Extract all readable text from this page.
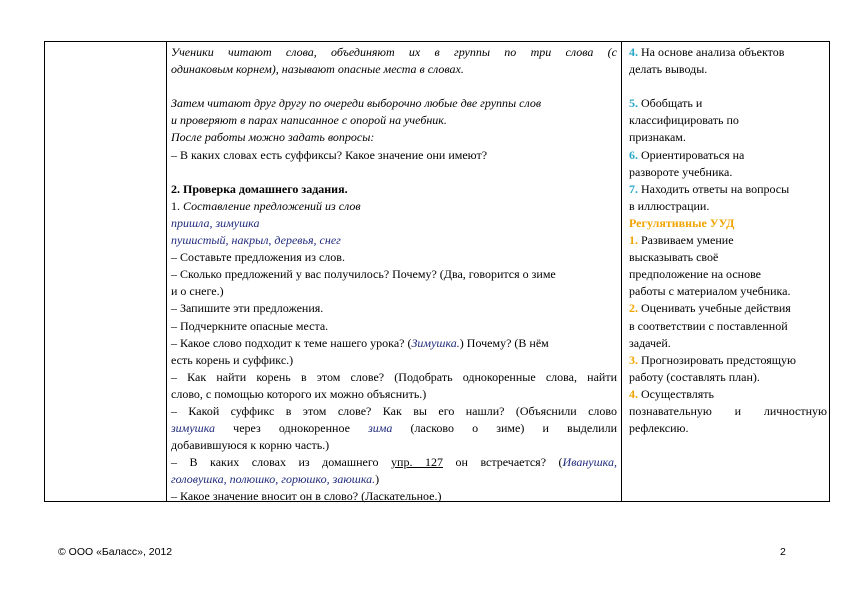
Ученики читают слова, объединяют их в группы по три слова (с
одинаковым корнем), называют опасные места в словах.
Затем читают друг другу по очереди выборочно любые две группы слов
и проверяют в парах написанное с опорой на учебник.
После работы можно задать вопросы:
– В каких словах есть суффиксы? Какое значение они имеют?
2. Проверка домашнего задания.
1. Составление предложений из слов
пришла, зимушка
пушистый, накрыл, деревья, снег
– Составьте предложения из слов.
– Сколько предложений у вас получилось? Почему? (Два, говорится о зиме
и о снеге.)
– Запишите эти предложения.
– Подчеркните опасные места.
– Какое слово подходит к теме нашего урока? (Зимушка.) Почему? (В нём
есть корень и суффикс.)
– Как найти корень в этом слове? (Подобрать однокоренные слова, найти
слово, с помощью которого их можно объяснить.)
– Какой суффикс в этом слове? Как вы его нашли? (Объяснили слово
зимушка через однокоренное зима (ласково о зиме) и выделили
добавившуюся к корню часть.)
– В каких словах из домашнего упр. 127 он встречается? (Иванушка,
головушка, полюшко, горюшко, заюшка.)
– Какое значение вносит он в слово? (Ласкательное.)
4. На основе анализа объектов
делать выводы.
5. Обобщать и
классифицировать по
признакам.
6. Ориентироваться на
развороте учебника.
7. Находить ответы на вопросы
в иллюстрации.
Регулятивные УУД
1. Развиваем умение
высказывать своё
предположение на основе
работы с материалом учебника.
2. Оценивать учебные действия
в соответствии с поставленной
задачей.
3. Прогнозировать предстоящую
работу (составлять план).
4. Осуществлять
познавательную и личностную
рефлексию.
© ООО «Баласс», 2012	2
